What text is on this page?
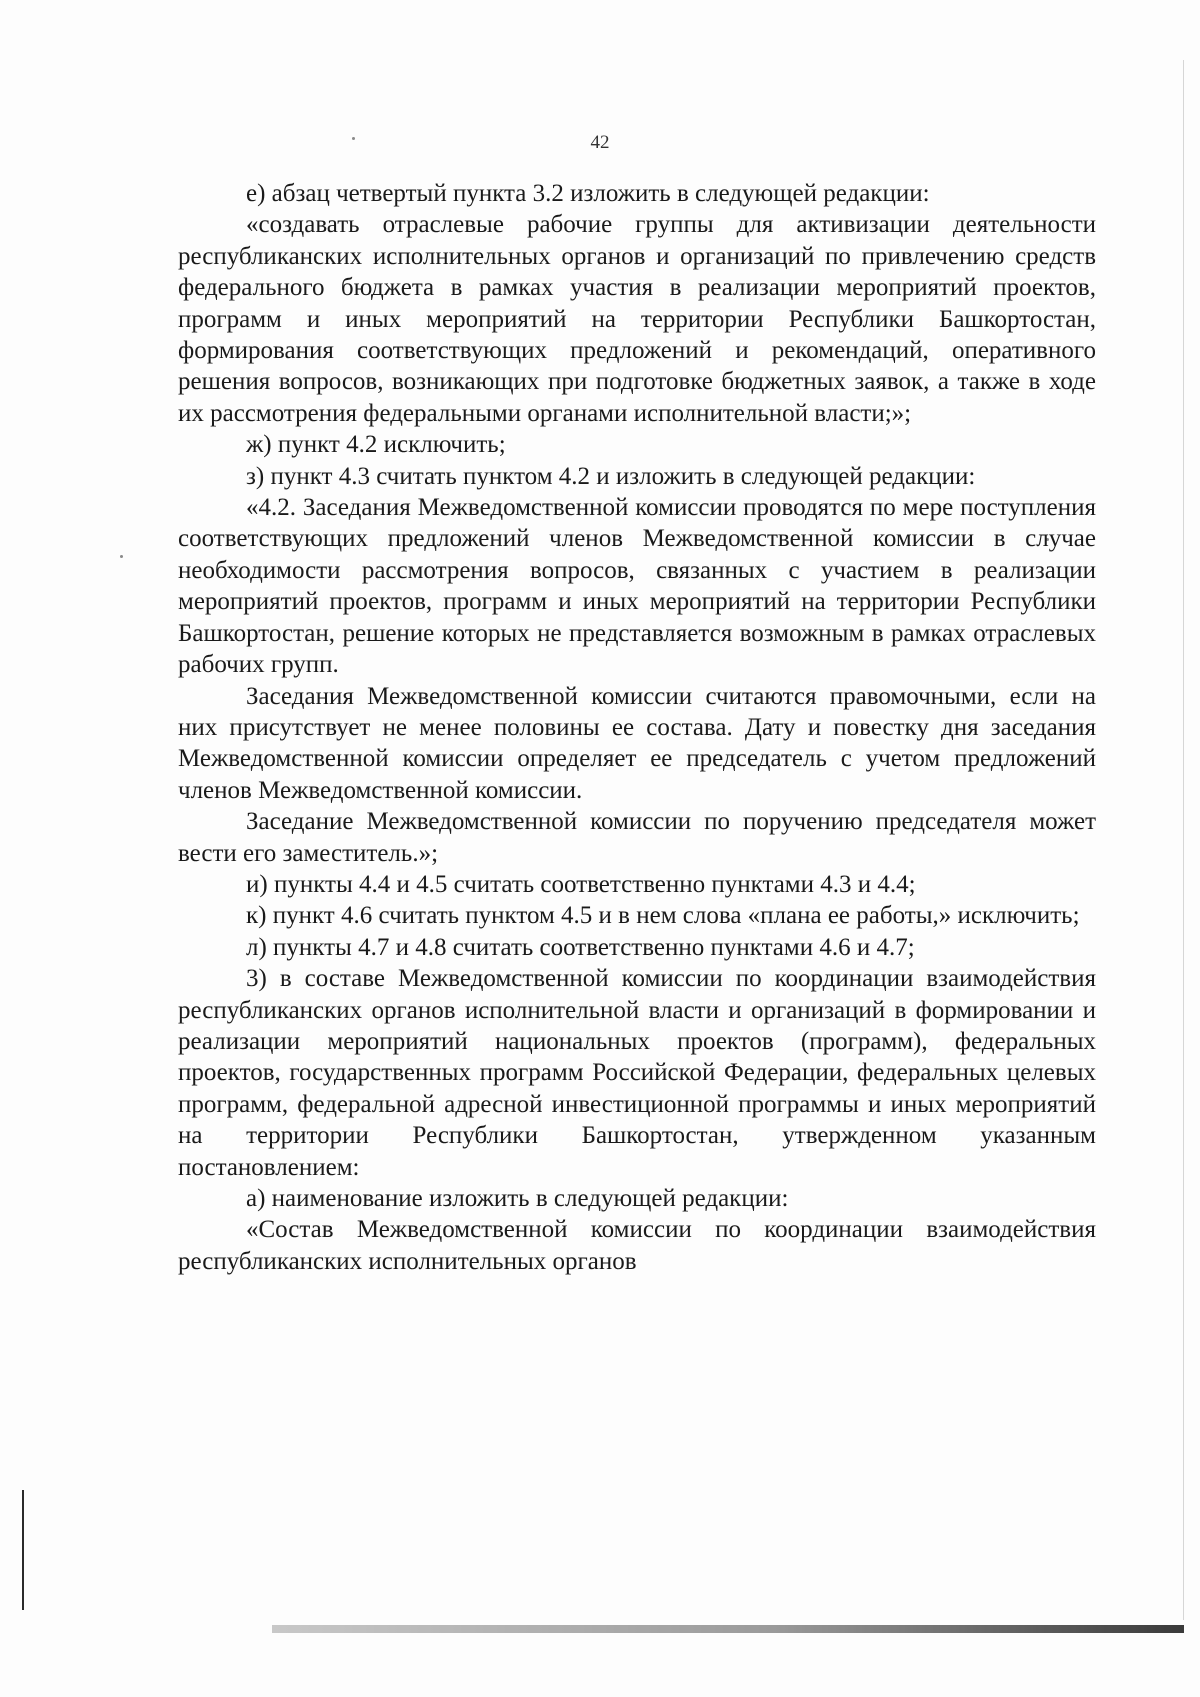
42

е) абзац четвертый пункта 3.2 изложить в следующей редакции:

«создавать отраслевые рабочие группы для активизации деятельности республиканских исполнительных органов и организаций по привлечению средств федерального бюджета в рамках участия в реализации мероприятий проектов, программ и иных мероприятий на территории Республики Башкортостан, формирования соответствующих предложений и рекомендаций, оперативного решения вопросов, возникающих при подготовке бюджетных заявок, а также в ходе их рассмотрения федеральными органами исполнительной власти;»;

ж) пункт 4.2 исключить;

з) пункт 4.3 считать пунктом 4.2 и изложить в следующей редакции:

«4.2. Заседания Межведомственной комиссии проводятся по мере поступления соответствующих предложений членов Межведомственной комиссии в случае необходимости рассмотрения вопросов, связанных с участием в реализации мероприятий проектов, программ и иных мероприятий на территории Республики Башкортостан, решение которых не представляется возможным в рамках отраслевых рабочих групп.

Заседания Межведомственной комиссии считаются правомочными, если на них присутствует не менее половины ее состава. Дату и повестку дня заседания Межведомственной комиссии определяет ее председатель с учетом предложений членов Межведомственной комиссии.

Заседание Межведомственной комиссии по поручению председателя может вести его заместитель.»;

и) пункты 4.4 и 4.5 считать соответственно пунктами 4.3 и 4.4;

к) пункт 4.6 считать пунктом 4.5 и в нем слова «плана ее работы,» исключить;

л) пункты 4.7 и 4.8 считать соответственно пунктами 4.6 и 4.7;

3) в составе Межведомственной комиссии по координации взаимодействия республиканских органов исполнительной власти и организаций в формировании и реализации мероприятий национальных проектов (программ), федеральных проектов, государственных программ Российской Федерации, федеральных целевых программ, федеральной адресной инвестиционной программы и иных мероприятий на территории Республики Башкортостан, утвержденном указанным постановлением:

а) наименование изложить в следующей редакции:

«Состав Межведомственной комиссии по координации взаимодействия республиканских исполнительных органов
